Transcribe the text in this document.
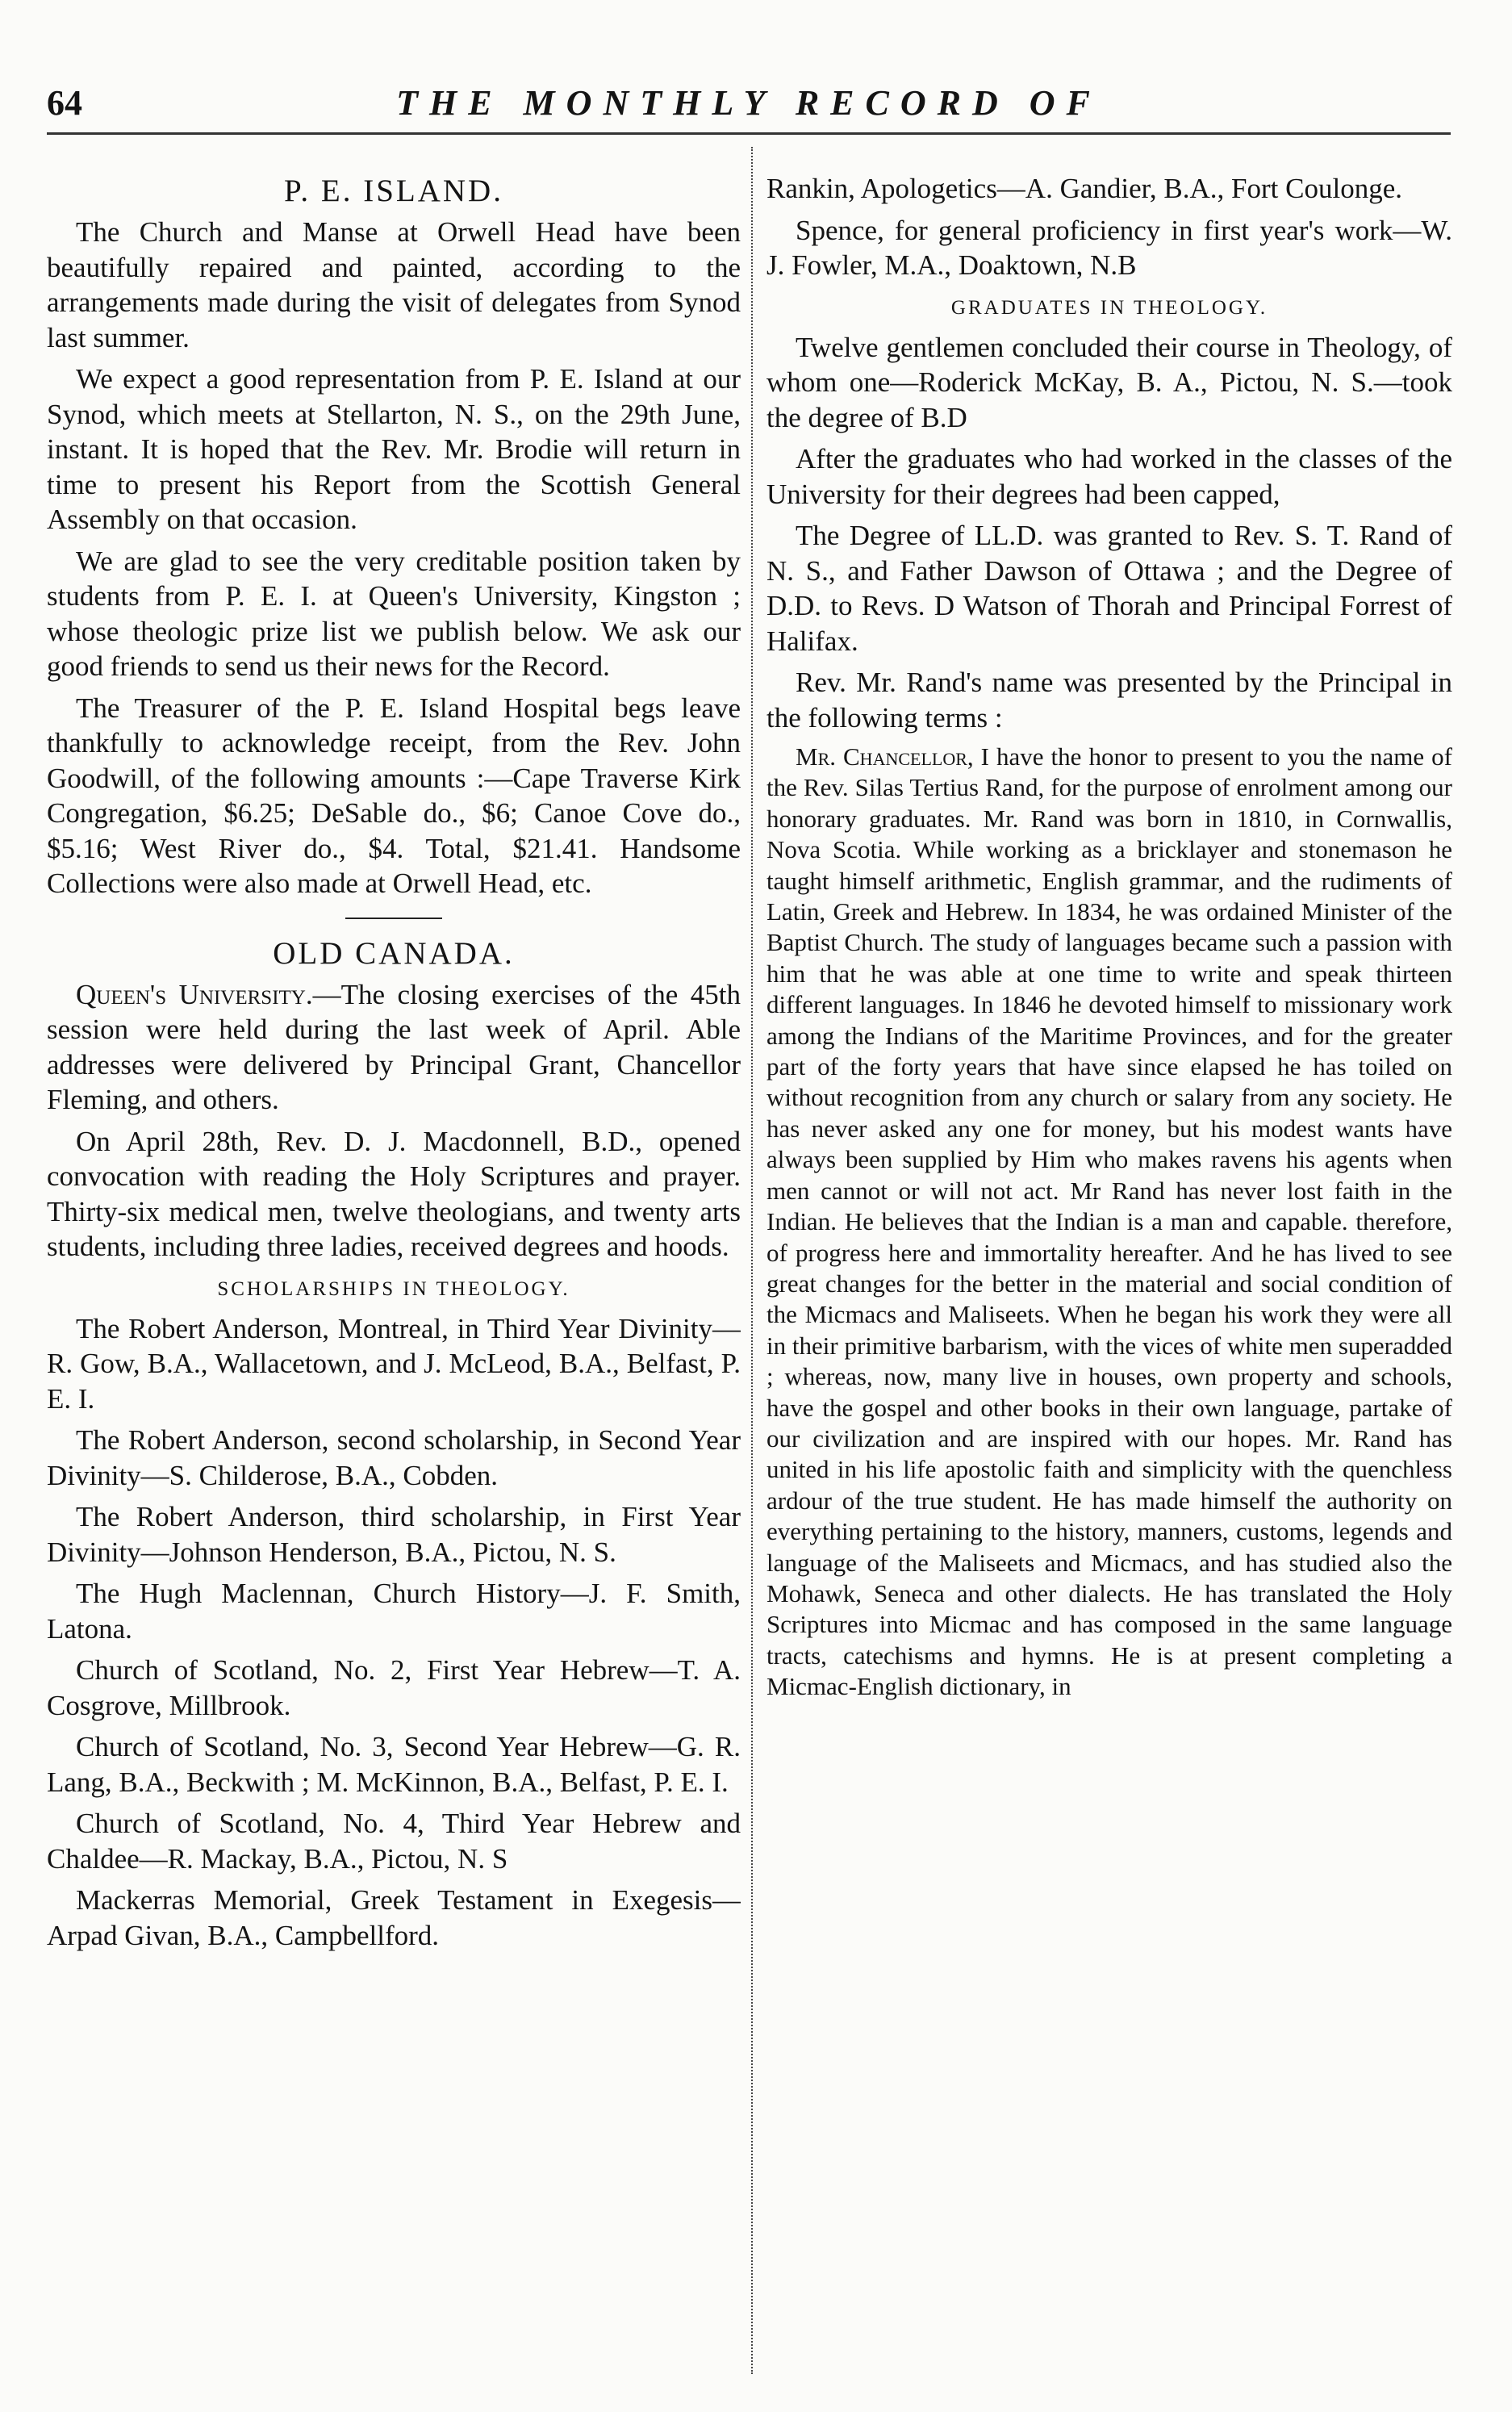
THE MONTHLY RECORD OF
64
P. E. ISLAND.

The Church and Manse at Orwell Head have been beautifully repaired and painted, according to the arrangements made during the visit of delegates from Synod last summer.

We expect a good representation from P. E. Island at our Synod, which meets at Stellarton, N. S., on the 29th June, instant. It is hoped that the Rev. Mr. Brodie will return in time to present his Report from the Scottish General Assembly on that occasion.

We are glad to see the very creditable position taken by students from P. E. I. at Queen's University, Kingston ; whose theologic prize list we publish below. We ask our good friends to send us their news for the Record.

The Treasurer of the P. E. Island Hospital begs leave thankfully to acknowledge receipt, from the Rev. John Goodwill, of the following amounts :—Cape Traverse Kirk Congregation, $6.25; DeSable do., $6; Canoe Cove do., $5.16; West River do., $4. Total, $21.41. Handsome Collections were also made at Orwell Head, etc.

OLD CANADA.

Queen's University.—The closing exercises of the 45th session were held during the last week of April. Able addresses were delivered by Principal Grant, Chancellor Fleming, and others.

On April 28th, Rev. D. J. Macdonnell, B.D., opened convocation with reading the Holy Scriptures and prayer. Thirty-six medical men, twelve theologians, and twenty arts students, including three ladies, received degrees and hoods.

SCHOLARSHIPS IN THEOLOGY.

The Robert Anderson, Montreal, in Third Year Divinity—R. Gow, B.A., Wallacetown, and J. McLeod, B.A., Belfast, P. E. I.

The Robert Anderson, second scholarship, in Second Year Divinity—S. Childerose, B.A., Cobden.

The Robert Anderson, third scholarship, in First Year Divinity—Johnson Henderson, B.A., Pictou, N. S.

The Hugh Maclennan, Church History—J. F. Smith, Latona.

Church of Scotland, No. 2, First Year Hebrew—T. A. Cosgrove, Millbrook.

Church of Scotland, No. 3, Second Year Hebrew—G. R. Lang, B.A., Beckwith ; M. McKinnon, B.A., Belfast, P. E. I.

Church of Scotland, No. 4, Third Year Hebrew and Chaldee—R. Mackay, B.A., Pictou, N. S

Mackerras Memorial, Greek Testament in Exegesis—Arpad Givan, B.A., Campbellford.

Rankin, Apologetics—A. Gandier, B.A., Fort Coulonge.

Spence, for general proficiency in first year's work—W. J. Fowler, M.A., Doaktown, N.B

GRADUATES IN THEOLOGY.

Twelve gentlemen concluded their course in Theology, of whom one—Roderick McKay, B. A., Pictou, N. S.—took the degree of B.D

After the graduates who had worked in the classes of the University for their degrees had been capped,

The Degree of LL.D. was granted to Rev. S. T. Rand of N. S., and Father Dawson of Ottawa ; and the Degree of D.D. to Revs. D Watson of Thorah and Principal Forrest of Halifax.

Rev. Mr. Rand's name was presented by the Principal in the following terms :

Mr. Chancellor, I have the honor to present to you the name of the Rev. Silas Tertius Rand, for the purpose of enrolment among our honorary graduates. Mr. Rand was born in 1810, in Cornwallis, Nova Scotia. While working as a bricklayer and stonemason he taught himself arithmetic, English grammar, and the rudiments of Latin, Greek and Hebrew. In 1834, he was ordained Minister of the Baptist Church. The study of languages became such a passion with him that he was able at one time to write and speak thirteen different languages. In 1846 he devoted himself to missionary work among the Indians of the Maritime Provinces, and for the greater part of the forty years that have since elapsed he has toiled on without recognition from any church or salary from any society. He has never asked any one for money, but his modest wants have always been supplied by Him who makes ravens his agents when men cannot or will not act. Mr Rand has never lost faith in the Indian. He believes that the Indian is a man and capable. therefore, of progress here and immortality hereafter. And he has lived to see great changes for the better in the material and social condition of the Micmacs and Maliseets. When he began his work they were all in their primitive barbarism, with the vices of white men superadded ; whereas, now, many live in houses, own property and schools, have the gospel and other books in their own language, partake of our civilization and are inspired with our hopes. Mr. Rand has united in his life apostolic faith and simplicity with the quenchless ardour of the true student. He has made himself the authority on everything pertaining to the history, manners, customs, legends and language of the Maliseets and Micmacs, and has studied also the Mohawk, Seneca and other dialects. He has translated the Holy Scriptures into Micmac and has composed in the same language tracts, catechisms and hymns. He is at present completing a Micmac-English dictionary, in
